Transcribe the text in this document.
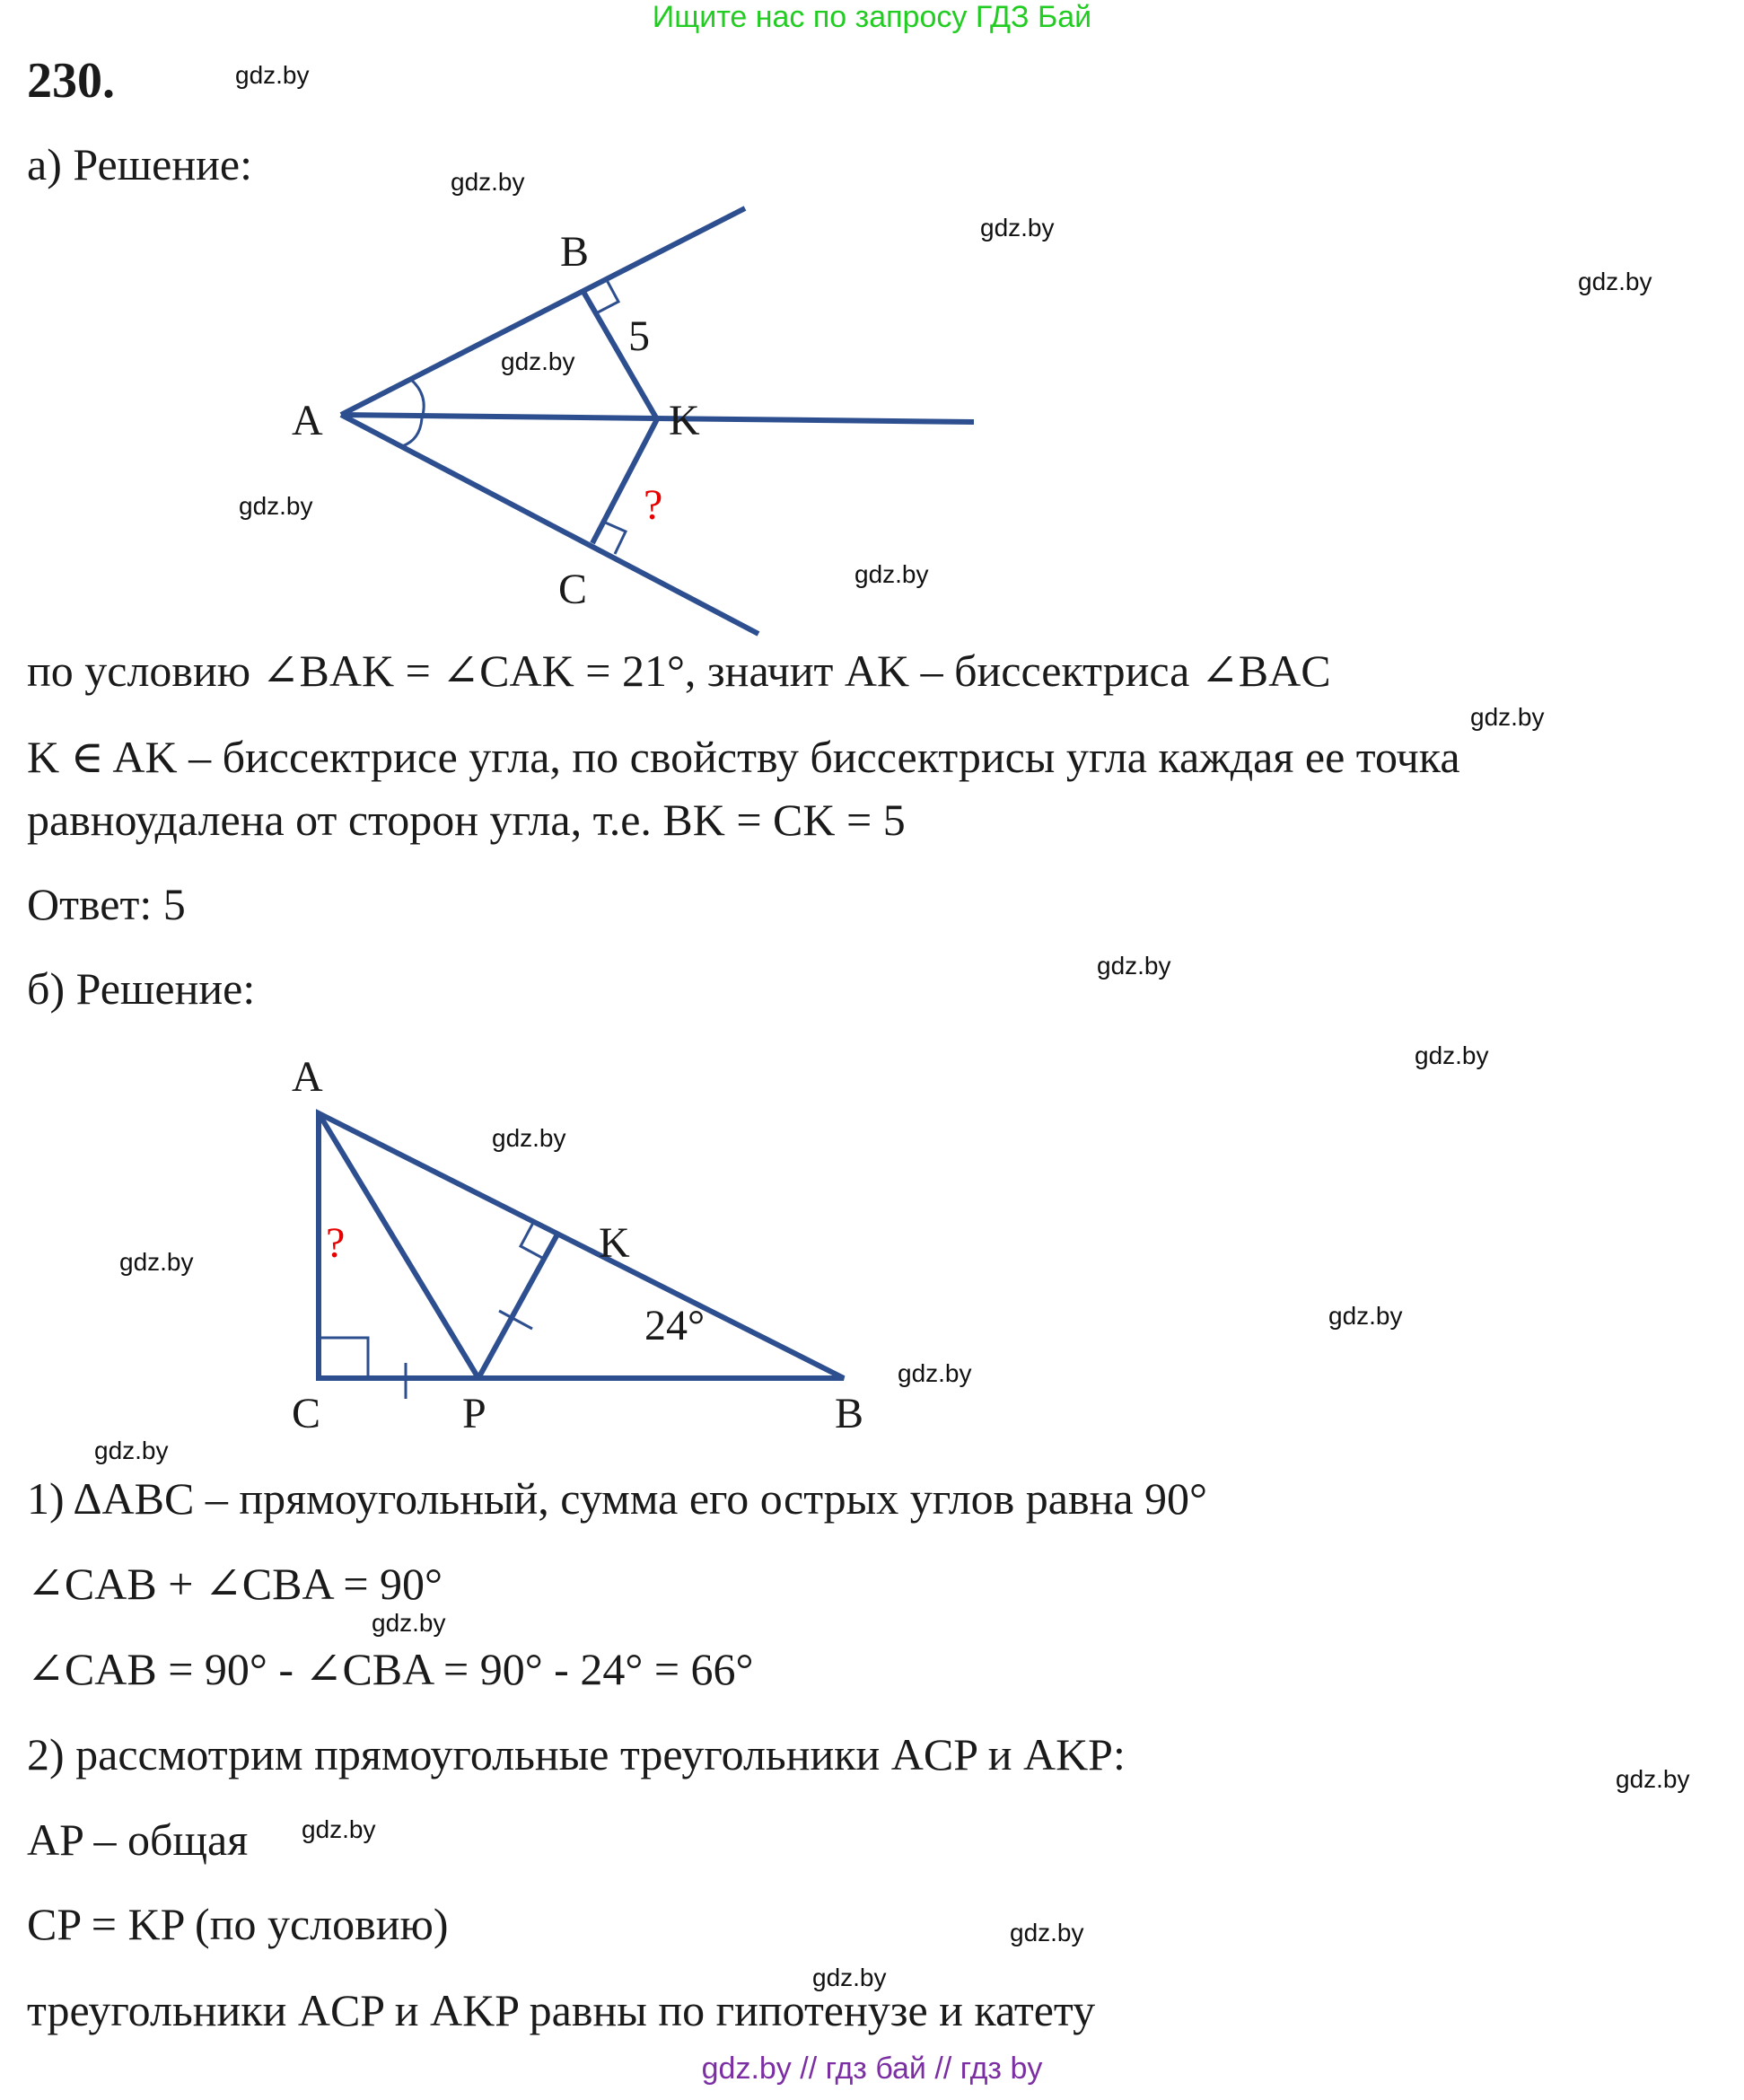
Ищите нас по запросу ГДЗ Бай
230.
а) Решение:
A
B
K
C
5
?
по условию ∠BAK = ∠CAK = 21°, значит AK – биссектриса ∠BAC
K ∈ AK – биссектрисе угла, по свойству биссектрисы угла каждая ее точка
равноудалена от сторон угла, т.е. BK = CK = 5
Ответ: 5
б) Решение:
A
C	P	B
K
24°
?
1) ΔABC – прямоугольный, сумма его острых углов равна 90°
∠CAB + ∠CBA = 90°
∠CAB = 90° - ∠CBA = 90° - 24° = 66°
2) рассмотрим прямоугольные треугольники ACP и AKP:
AP – общая
CP = KP (по условию)
треугольники ACP и AKP равны по гипотенузе и катету
gdz.by
gdz.by
gdz.by
gdz.by
gdz.by
gdz.by
gdz.by
gdz.by
gdz.by
gdz.by
gdz.by
gdz.by
gdz.by
gdz.by
gdz.by
gdz.by
gdz.by
gdz.by
gdz.by
gdz.by
gdz.by // гдз бай // гдз by
